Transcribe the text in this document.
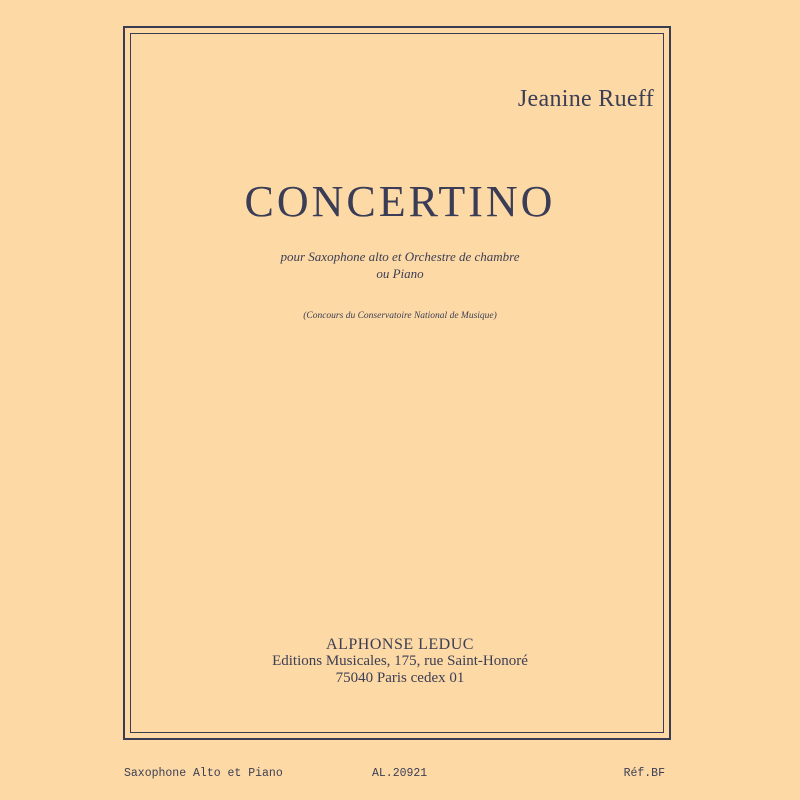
Jeanine Rueff
CONCERTINO
pour Saxophone alto et Orchestre de chambre
ou Piano
(Concours du Conservatoire National de Musique)
ALPHONSE LEDUC
Editions Musicales, 175, rue Saint-Honoré
75040 Paris cedex 01
Saxophone Alto et Piano	AL.20921	Réf.BF
